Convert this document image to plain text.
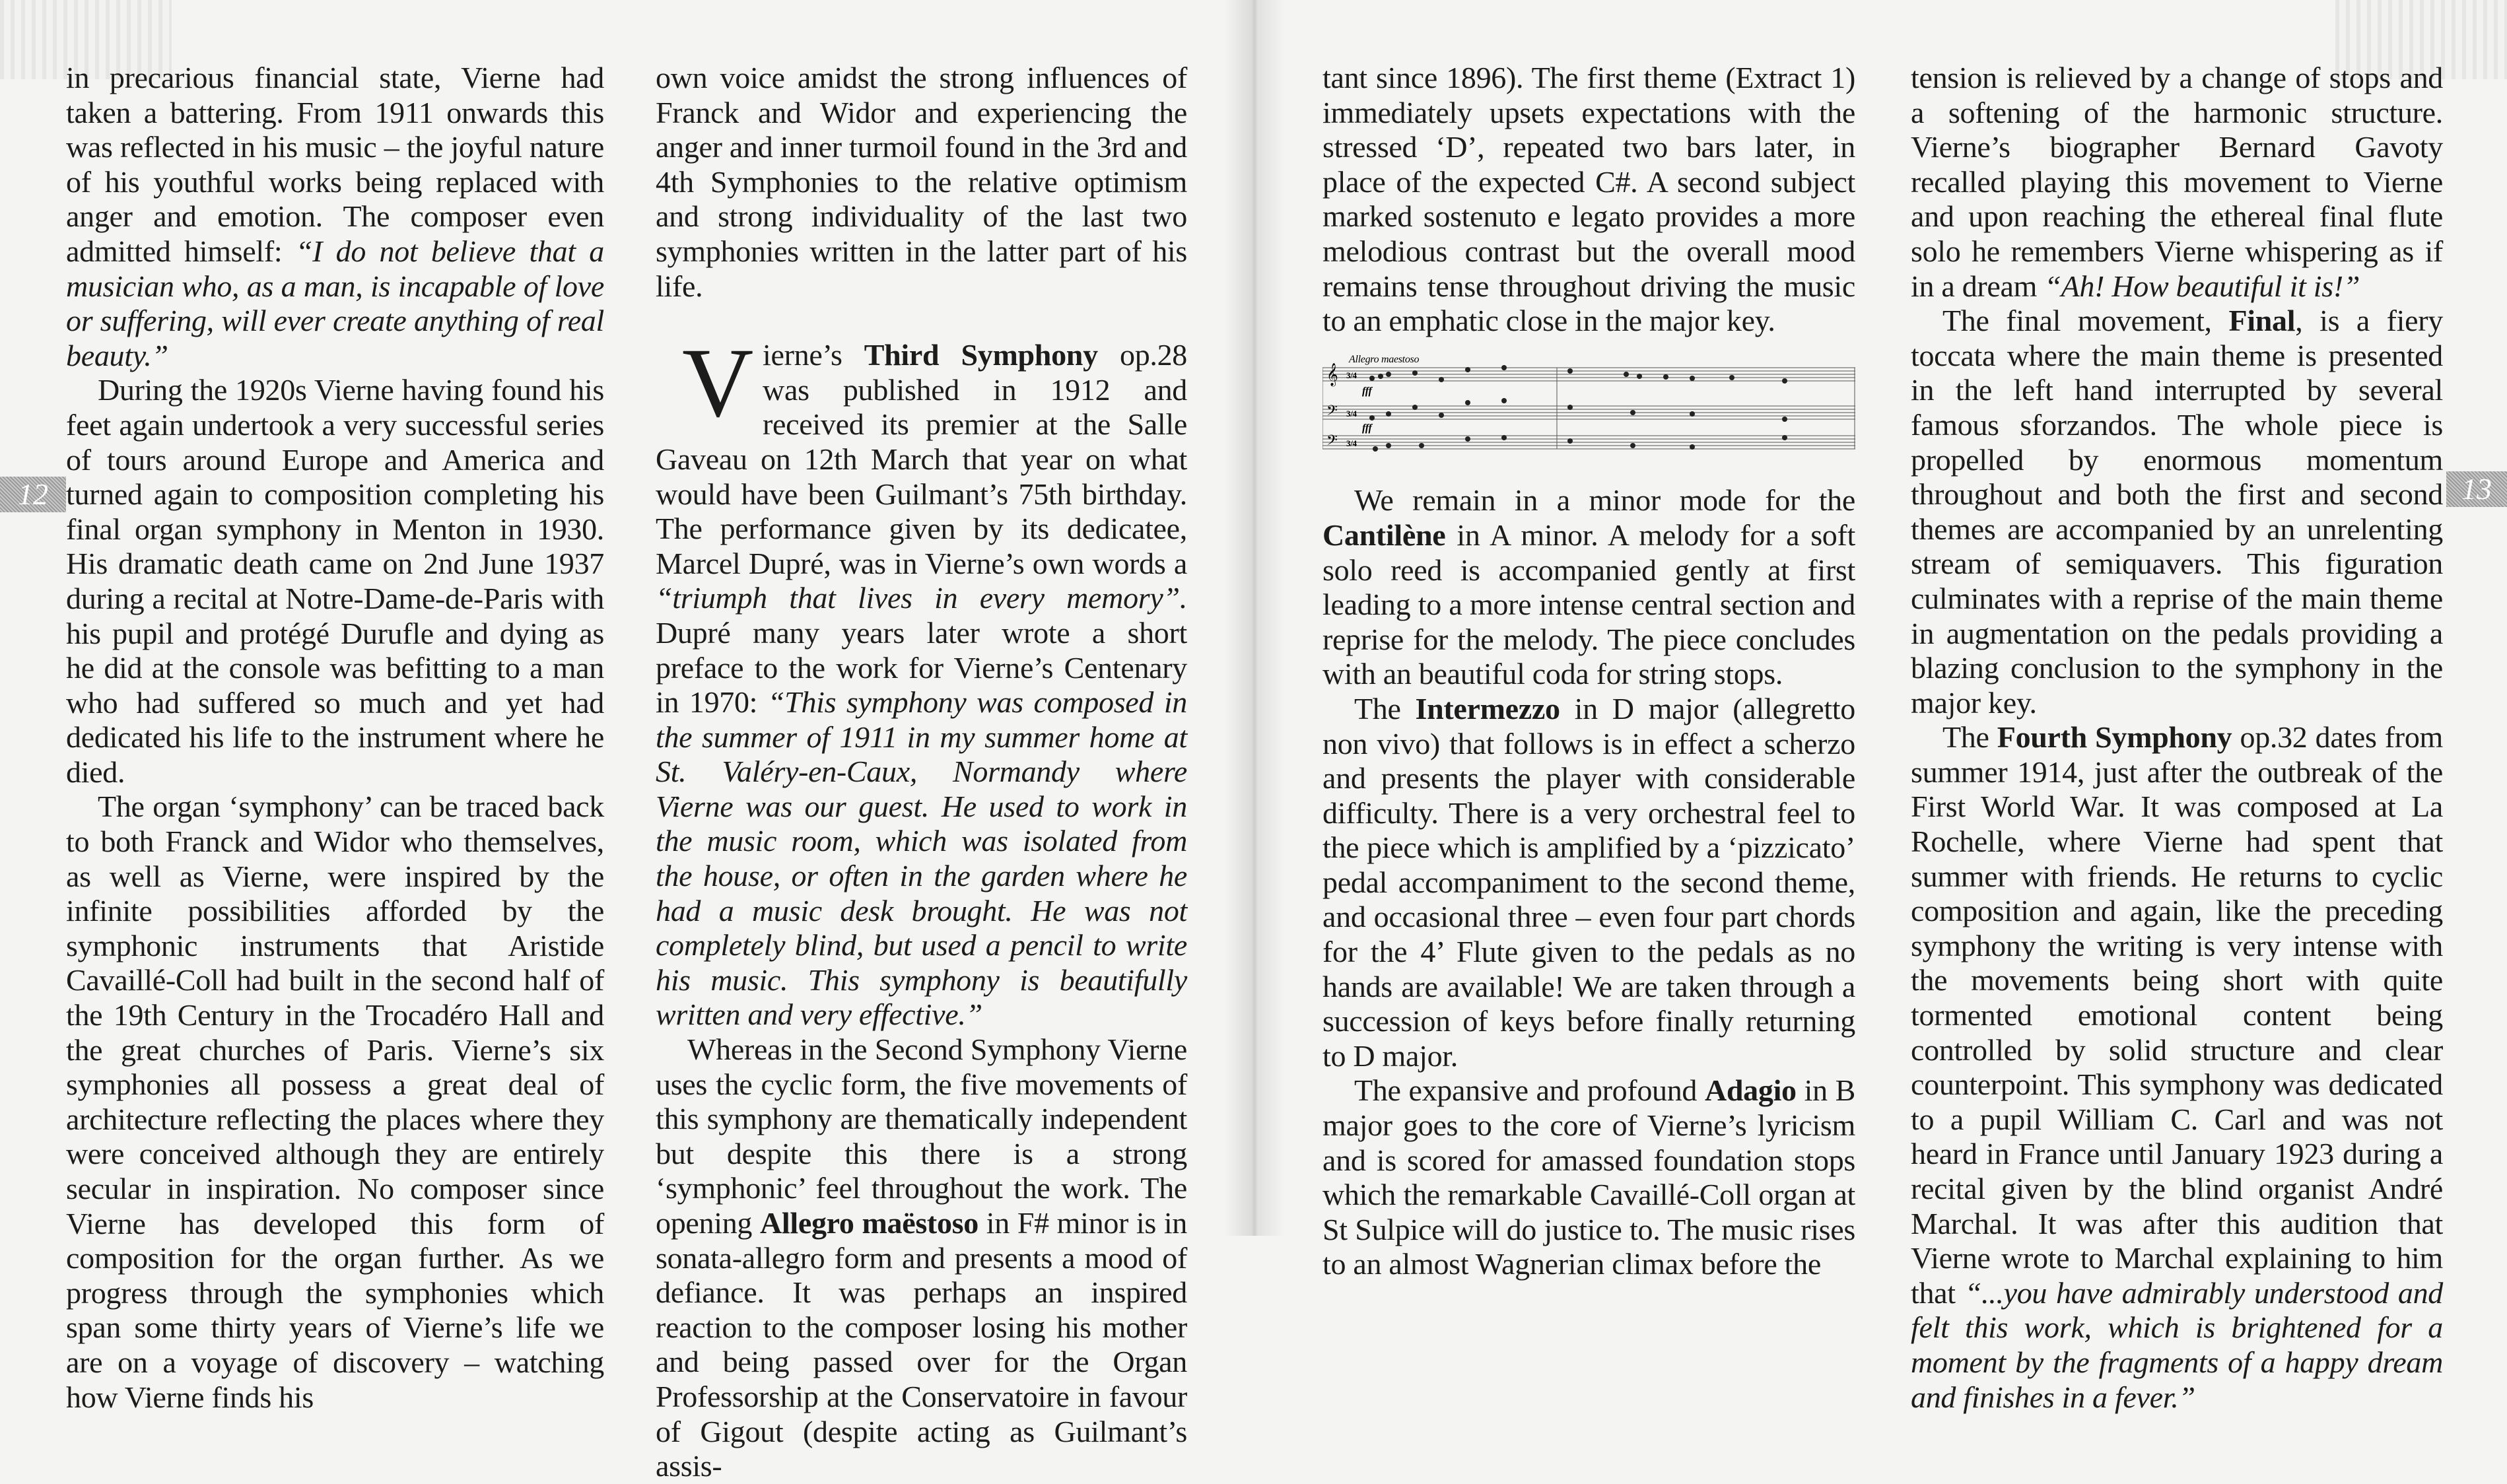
12	13

in precarious financial state, Vierne had taken a battering. From 1911 onwards this was reflected in his music – the joyful nature of his youthful works being replaced with anger and emotion. The composer even admitted himself: “I do not believe that a musician who, as a man, is incapable of love or suffering, will ever create anything of real beauty.”

During the 1920s Vierne having found his feet again undertook a very successful series of tours around Europe and America and turned again to composition completing his final organ symphony in Menton in 1930. His dramatic death came on 2nd June 1937 during a recital at Notre-Dame-de-Paris with his pupil and protégé Durufle and dying as he did at the console was befitting to a man who had suffered so much and yet had dedicated his life to the instrument where he died.

The organ ‘symphony’ can be traced back to both Franck and Widor who themselves, as well as Vierne, were inspired by the infinite possibilities afforded by the symphonic instruments that Aristide Cavaillé-Coll had built in the second half of the 19th Century in the Trocadéro Hall and the great churches of Paris. Vierne’s six symphonies all possess a great deal of architecture reflecting the places where they were conceived although they are entirely secular in inspiration. No composer since Vierne has developed this form of composition for the organ further. As we progress through the symphonies which span some thirty years of Vierne’s life we are on a voyage of discovery – watching how Vierne finds his

own voice amidst the strong influences of Franck and Widor and experiencing the anger and inner turmoil found in the 3rd and 4th Symphonies to the relative optimism and strong individuality of the last two symphonies written in the latter part of his life.

Vierne’s Third Symphony op.28 was published in 1912 and received its premier at the Salle Gaveau on 12th March that year on what would have been Guilmant’s 75th birthday. The performance given by its dedicatee, Marcel Dupré, was in Vierne’s own words a “triumph that lives in every memory”. Dupré many years later wrote a short preface to the work for Vierne’s Centenary in 1970: “This symphony was composed in the summer of 1911 in my summer home at St. Valéry-en-Caux, Normandy where Vierne was our guest. He used to work in the music room, which was isolated from the house, or often in the garden where he had a music desk brought. He was not completely blind, but used a pencil to write his music. This symphony is beautifully written and very effective.”

Whereas in the Second Symphony Vierne uses the cyclic form, the five movements of this symphony are thematically independent but despite this there is a strong ‘symphonic’ feel throughout the work. The opening Allegro maëstoso in F# minor is in sonata-allegro form and presents a mood of defiance. It was perhaps an inspired reaction to the composer losing his mother and being passed over for the Organ Professorship at the Conservatoire in favour of Gigout (despite acting as Guilmant’s assis-

tant since 1896). The first theme (Extract 1) immediately upsets expectations with the stressed ‘D’, repeated two bars later, in place of the expected C#. A second subject marked sostenuto e legato provides a more melodious contrast but the overall mood remains tense throughout driving the music to an emphatic close in the major key.

Allegro maestoso
𝄞
𝄢
𝄢
3/4
3/4
3/4
fff
fff

We remain in a minor mode for the Cantilène in A minor. A melody for a soft solo reed is accompanied gently at first leading to a more intense central section and reprise for the melody. The piece concludes with an beautiful coda for string stops.

The Intermezzo in D major (allegretto non vivo) that follows is in effect a scherzo and presents the player with considerable difficulty. There is a very orchestral feel to the piece which is amplified by a ‘pizzicato’ pedal accompaniment to the second theme, and occasional three – even four part chords for the 4’ Flute given to the pedals as no hands are available! We are taken through a succession of keys before finally returning to D major.

The expansive and profound Adagio in B major goes to the core of Vierne’s lyricism and is scored for amassed foundation stops which the remarkable Cavaillé-Coll organ at St Sulpice will do justice to. The music rises to an almost Wagnerian climax before the

tension is relieved by a change of stops and a softening of the harmonic structure. Vierne’s biographer Bernard Gavoty recalled playing this movement to Vierne and upon reaching the ethereal final flute solo he remembers Vierne whispering as if in a dream “Ah! How beautiful it is!”

The final movement, Final, is a fiery toccata where the main theme is presented in the left hand interrupted by several famous sforzandos. The whole piece is propelled by enormous momentum throughout and both the first and second themes are accompanied by an unrelenting stream of semiquavers. This figuration culminates with a reprise of the main theme in augmentation on the pedals providing a blazing conclusion to the symphony in the major key.

The Fourth Symphony op.32 dates from summer 1914, just after the outbreak of the First World War. It was composed at La Rochelle, where Vierne had spent that summer with friends. He returns to cyclic composition and again, like the preceding symphony the writing is very intense with the movements being short with quite tormented emotional content being controlled by solid structure and clear counterpoint. This symphony was dedicated to a pupil William C. Carl and was not heard in France until January 1923 during a recital given by the blind organist André Marchal. It was after this audition that Vierne wrote to Marchal explaining to him that “...you have admirably understood and felt this work, which is brightened for a moment by the fragments of a happy dream and finishes in a fever.”
